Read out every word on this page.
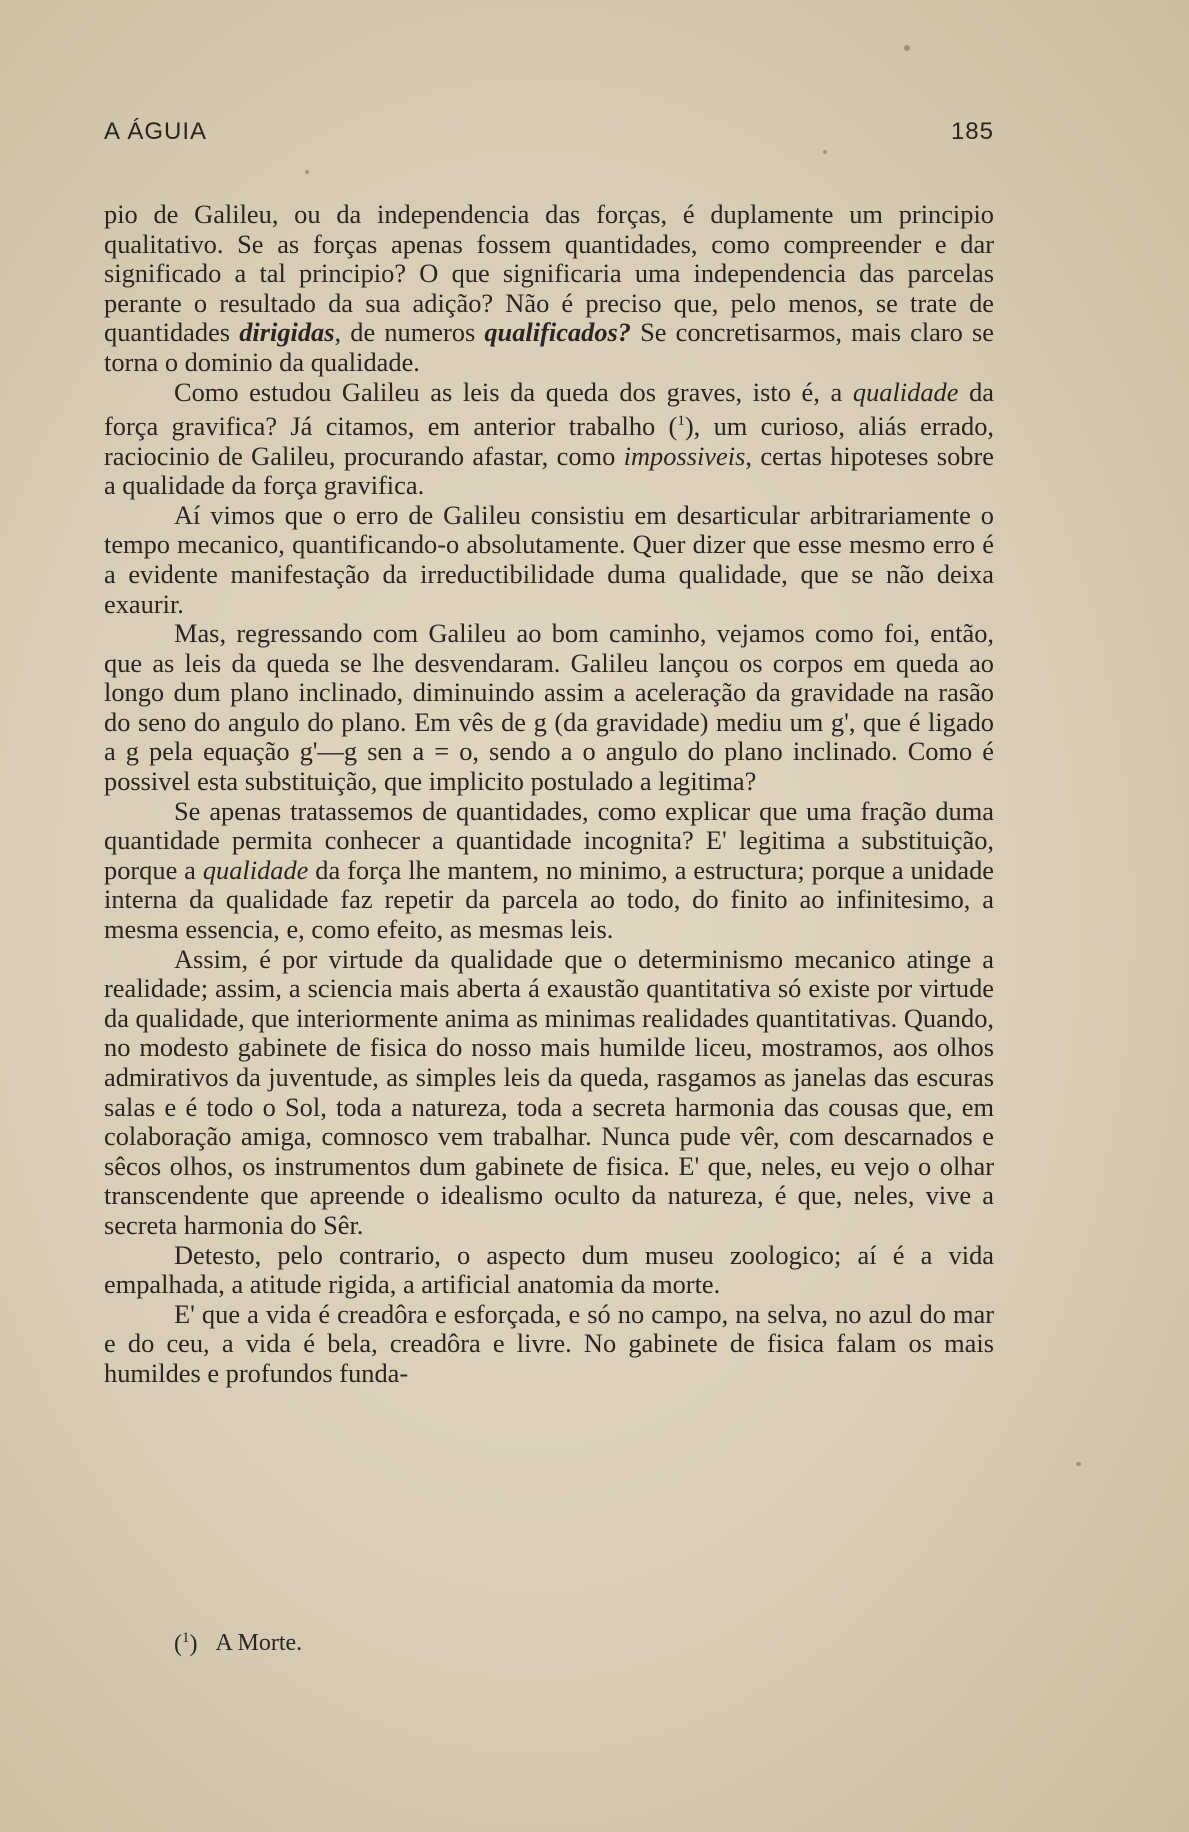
A ÁGUIA	185

pio de Galileu, ou da independencia das forças, é duplamente um principio qualitativo. Se as forças apenas fossem quantidades, como compreender e dar significado a tal principio? O que significaria uma independencia das parcelas perante o resultado da sua adição? Não é preciso que, pelo menos, se trate de quantidades dirigidas, de numeros qualificados? Se concretisarmos, mais claro se torna o dominio da qualidade.

Como estudou Galileu as leis da queda dos graves, isto é, a qualidade da força gravifica? Já citamos, em anterior trabalho ($^1$), um curioso, aliás errado, raciocinio de Galileu, procurando afastar, como impossiveis, certas hipoteses sobre a qualidade da força gravifica.

Aí vimos que o erro de Galileu consistiu em desarticular arbitrariamente o tempo mecanico, quantificando-o absolutamente. Quer dizer que esse mesmo erro é a evidente manifestação da irreductibilidade duma qualidade, que se não deixa exaurir.

Mas, regressando com Galileu ao bom caminho, vejamos como foi, então, que as leis da queda se lhe desvendaram. Galileu lançou os corpos em queda ao longo dum plano inclinado, diminuindo assim a aceleração da gravidade na rasão do seno do angulo do plano. Em vês de g (da gravidade) mediu um g', que é ligado a g pela equação g'—g sen a = o, sendo a o angulo do plano inclinado. Como é possivel esta substituição, que implicito postulado a legitima?

Se apenas tratassemos de quantidades, como explicar que uma fração duma quantidade permita conhecer a quantidade incognita? E' legitima a substituição, porque a qualidade da força lhe mantem, no minimo, a estructura; porque a unidade interna da qualidade faz repetir da parcela ao todo, do finito ao infinitesimo, a mesma essencia, e, como efeito, as mesmas leis.

Assim, é por virtude da qualidade que o determinismo mecanico atinge a realidade; assim, a sciencia mais aberta á exaustão quantitativa só existe por virtude da qualidade, que interiormente anima as minimas realidades quantitativas. Quando, no modesto gabinete de fisica do nosso mais humilde liceu, mostramos, aos olhos admirativos da juventude, as simples leis da queda, rasgamos as janelas das escuras salas e é todo o Sol, toda a natureza, toda a secreta harmonia das cousas que, em colaboração amiga, comnosco vem trabalhar. Nunca pude vêr, com descarnados e sêcos olhos, os instrumentos dum gabinete de fisica. E' que, neles, eu vejo o olhar transcendente que apreende o idealismo oculto da natureza, é que, neles, vive a secreta harmonia do Sêr.

Detesto, pelo contrario, o aspecto dum museu zoologico; aí é a vida empalhada, a atitude rigida, a artificial anatomia da morte.

E' que a vida é creadôra e esforçada, e só no campo, na selva, no azul do mar e do ceu, a vida é bela, creadôra e livre. No gabinete de fisica falam os mais humildes e profundos funda-

($^1$) A Morte.
